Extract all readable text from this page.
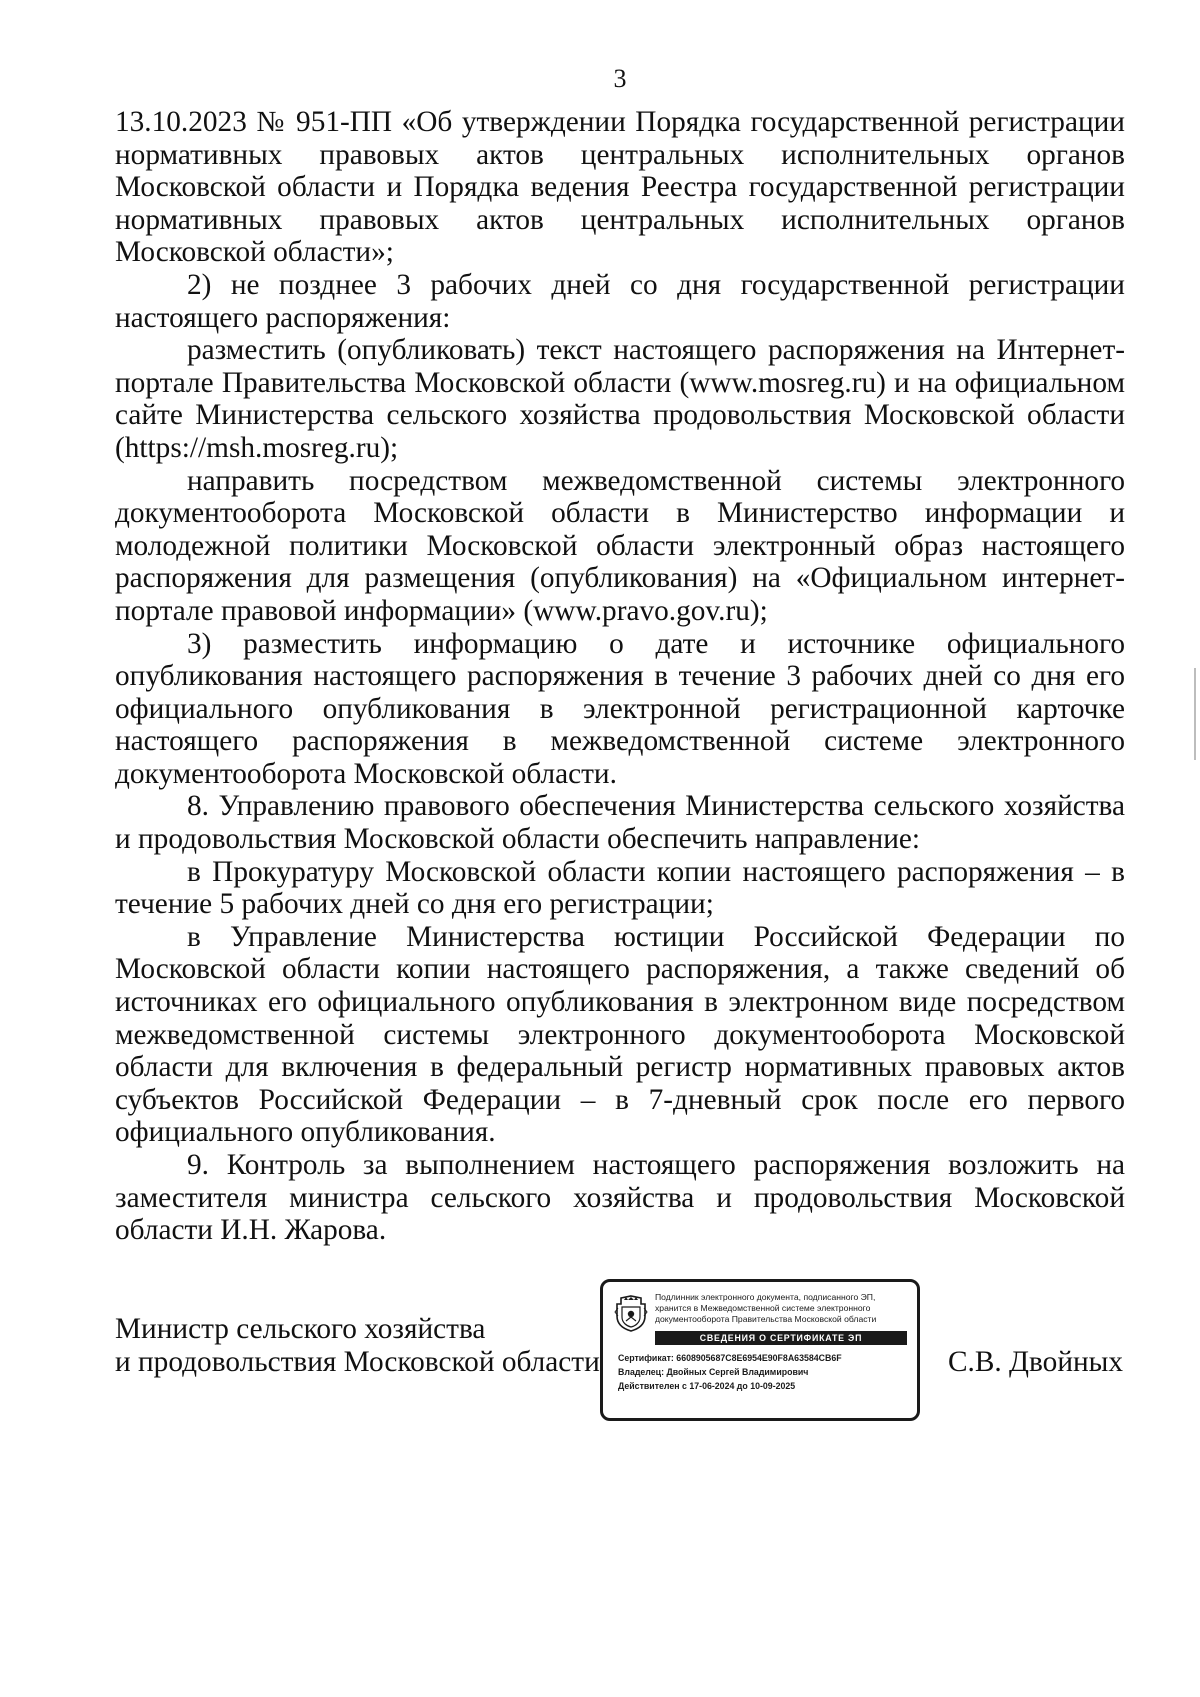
3

13.10.2023 № 951-ПП «Об утверждении Порядка государственной регистрации нормативных правовых актов центральных исполнительных органов Московской области и Порядка ведения Реестра государственной регистрации нормативных правовых актов центральных исполнительных органов Московской области»;

2) не позднее 3 рабочих дней со дня государственной регистрации настоящего распоряжения:

разместить (опубликовать) текст настоящего распоряжения на Интернет-портале Правительства Московской области (www.mosreg.ru) и на официальном сайте Министерства сельского хозяйства продовольствия Московской области (https://msh.mosreg.ru);

направить посредством межведомственной системы электронного документооборота Московской области в Министерство информации и молодежной политики Московской области электронный образ настоящего распоряжения для размещения (опубликования) на «Официальном интернет-портале правовой информации» (www.pravo.gov.ru);

3) разместить информацию о дате и источнике официального опубликования настоящего распоряжения в течение 3 рабочих дней со дня его официального опубликования в электронной регистрационной карточке настоящего распоряжения в межведомственной системе электронного документооборота Московской области.

8. Управлению правового обеспечения Министерства сельского хозяйства и продовольствия Московской области обеспечить направление:

в Прокуратуру Московской области копии настоящего распоряжения – в течение 5 рабочих дней со дня его регистрации;

в Управление Министерства юстиции Российской Федерации по Московской области копии настоящего распоряжения, а также сведений об источниках его официального опубликования в электронном виде посредством межведомственной системы электронного документооборота Московской области для включения в федеральный регистр нормативных правовых актов субъектов Российской Федерации – в 7-дневный срок после его первого официального опубликования.

9. Контроль за выполнением настоящего распоряжения возложить на заместителя министра сельского хозяйства и продовольствия Московской области И.Н. Жарова.

Министр сельского хозяйства
и продовольствия Московской области
Подлинник электронного документа, подписанного ЭП,
хранится в Межведомственной системе электронного
документооборота Правительства Московской области
СВЕДЕНИЯ О СЕРТИФИКАТЕ ЭП
Сертификат: 6608905687C8E6954E90F8A63584CB6F
Владелец: Двойных Сергей Владимирович
Действителен с 17-06-2024 до 10-09-2025
С.В. Двойных
